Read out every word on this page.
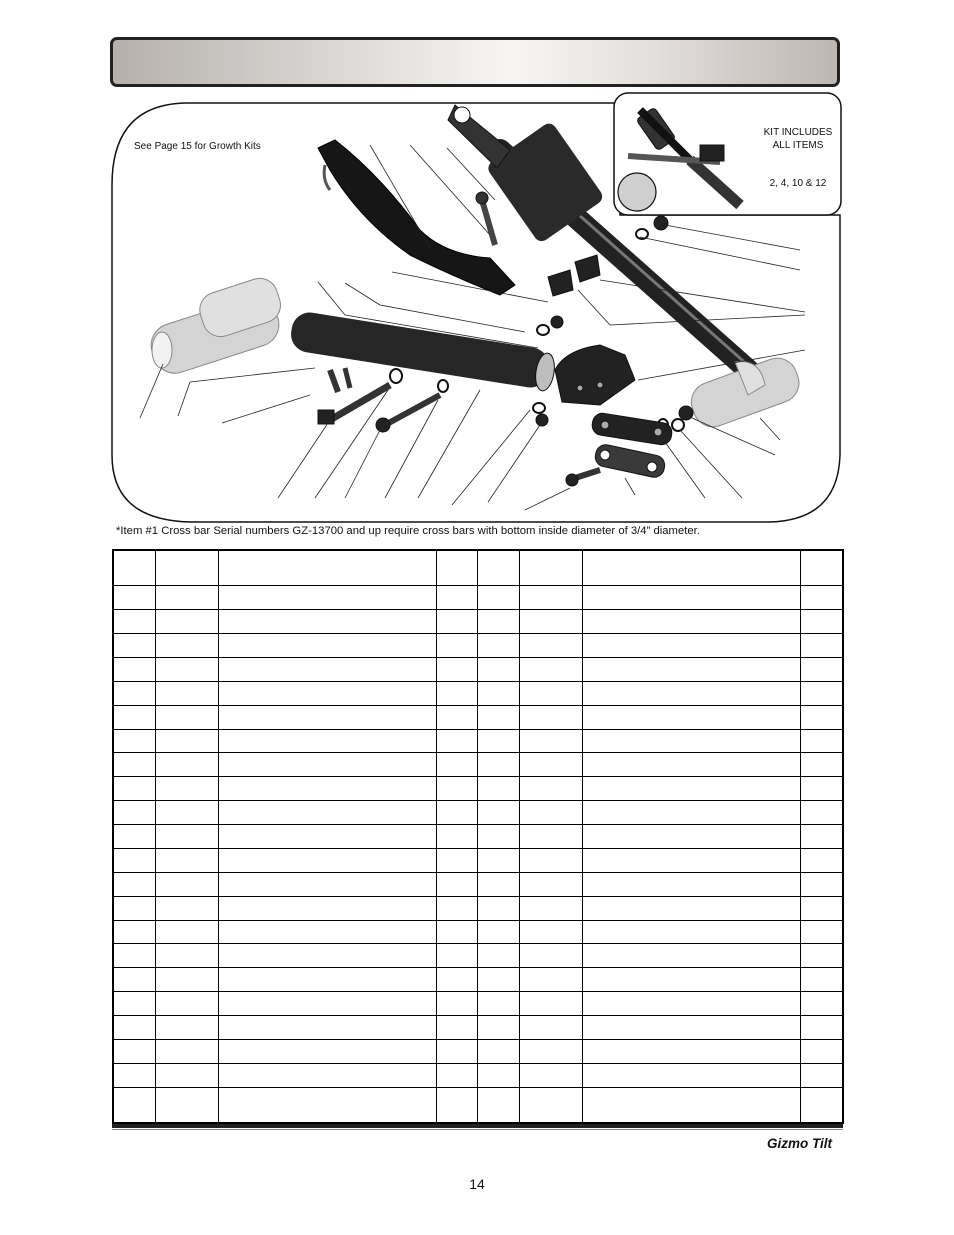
See Page 15 for Growth Kits
KIT INCLUDES
ALL ITEMS
2, 4, 10 & 12
*Item #1 Cross bar Serial numbers GZ-13700 and up require cross bars with bottom inside diameter of 3/4” diameter.

Gizmo Tilt
14
